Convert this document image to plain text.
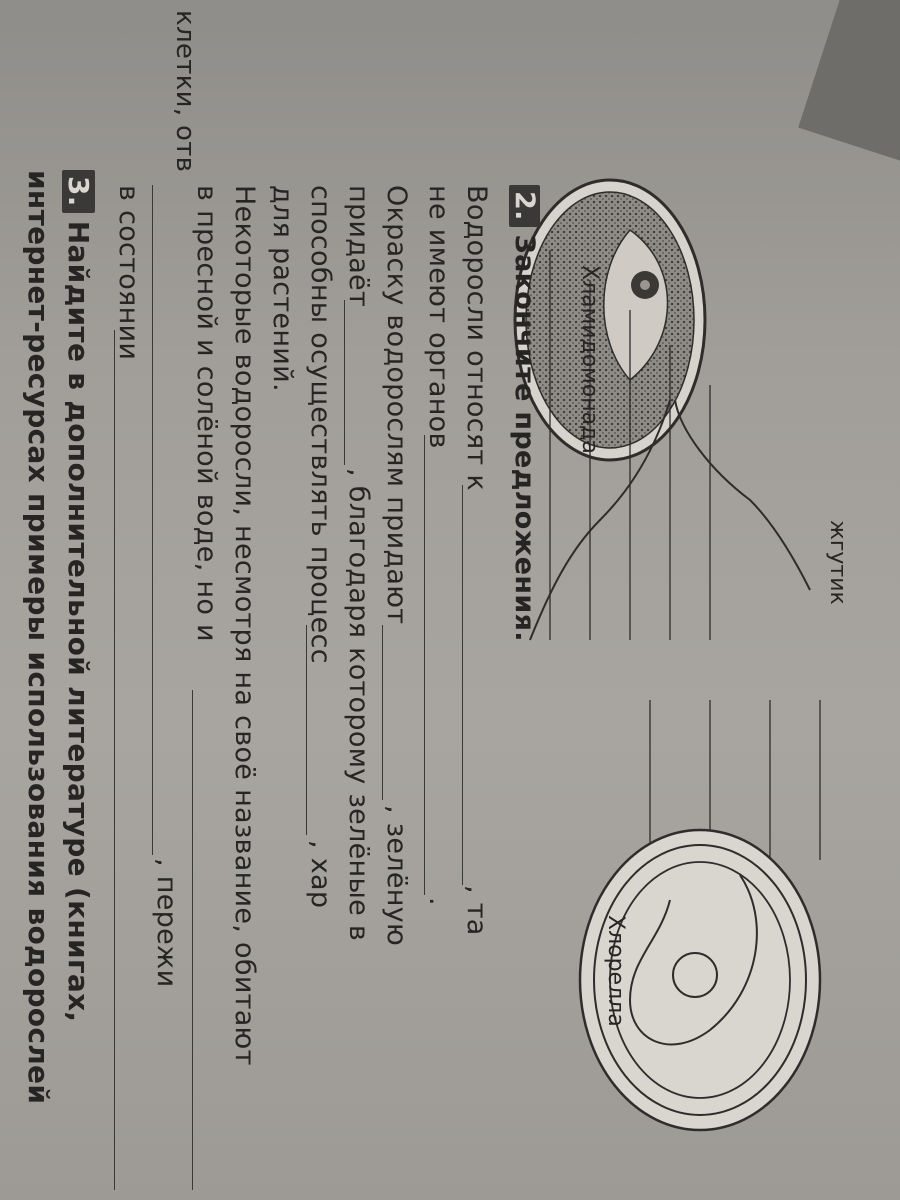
клетки, отв
жгутик
Хламидомонада
Хлорелла
2.Закончите предложения.
Водоросли относят к
, та
не имеют органов
.
Окраску водорослям придают
, зелёную
придаёт
, благодаря которому зелёные в
способны осуществлять процесс
, хар
для растений.
Некоторые водоросли, несмотря на своё название, обитают
в пресной и солёной воде, но и
, пережи
в состоянии
3.Найдите в дополнительной литературе (книгах,
интернет-ресурсах примеры использования водорослей
